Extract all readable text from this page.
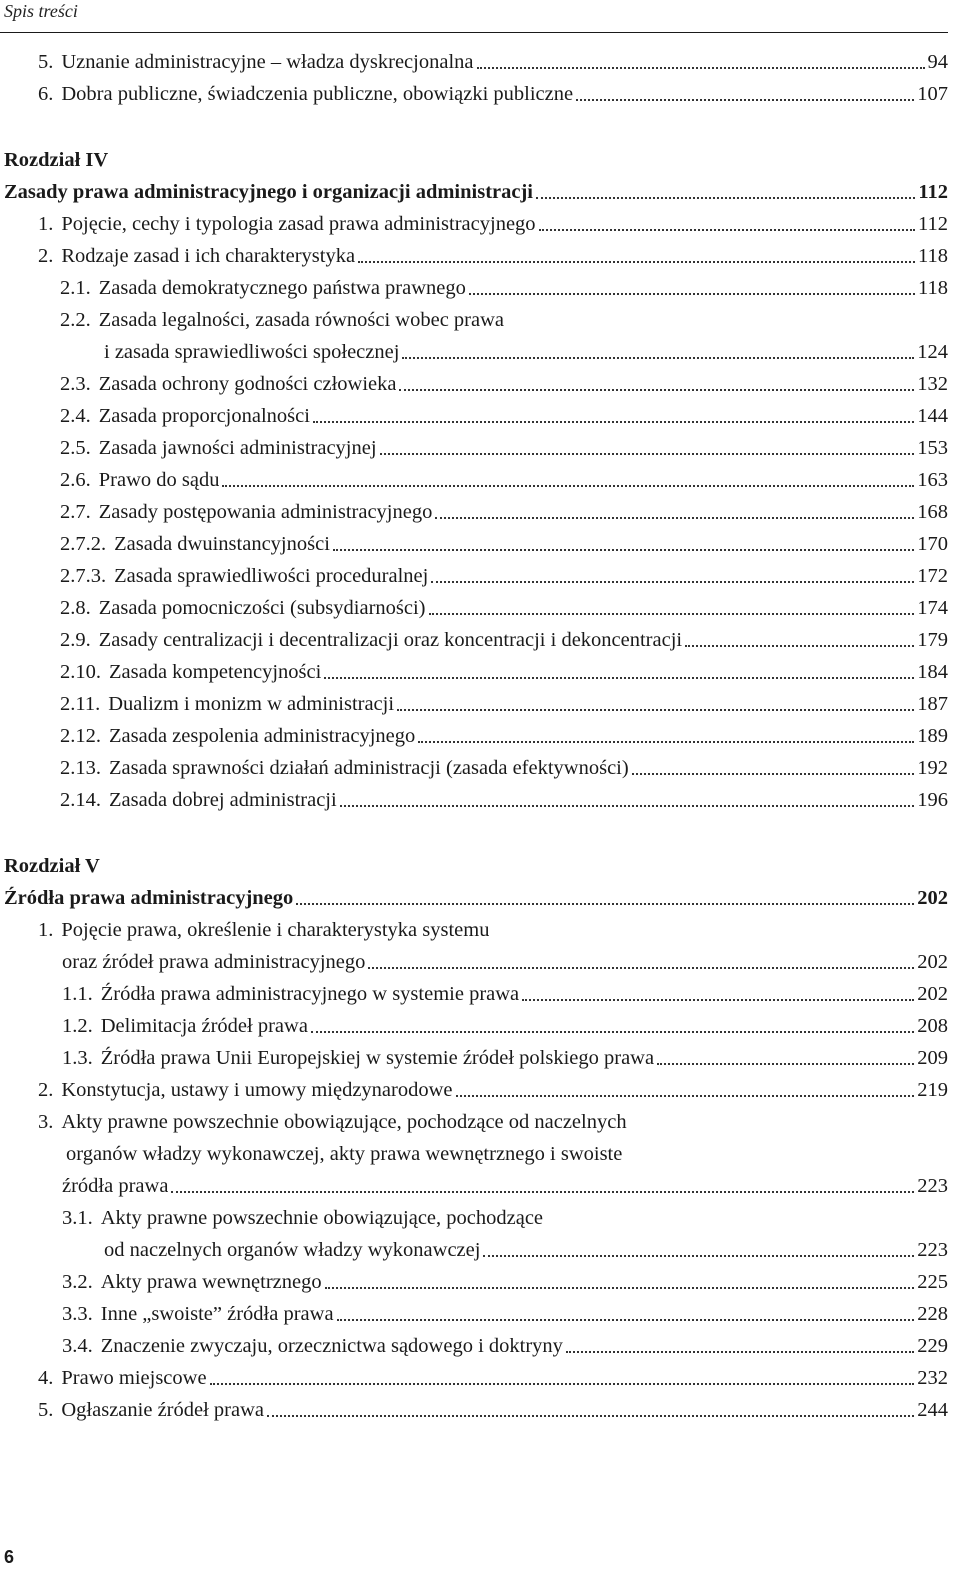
Spis treści
5. Uznanie administracyjne – władza dyskrecjonalna	94
6. Dobra publiczne, świadczenia publiczne, obowiązki publiczne	107
Rozdział IV
Zasady prawa administracyjnego i organizacji administracji	112
1. Pojęcie, cechy i typologia zasad prawa administracyjnego	112
2. Rodzaje zasad i ich charakterystyka	118
2.1. Zasada demokratycznego państwa prawnego	118
2.2. Zasada legalności, zasada równości wobec prawa
i zasada sprawiedliwości społecznej	124
2.3. Zasada ochrony godności człowieka	132
2.4. Zasada proporcjonalności	144
2.5. Zasada jawności administracyjnej	153
2.6. Prawo do sądu	163
2.7. Zasady postępowania administracyjnego	168
2.7.2. Zasada dwuinstancyjności	170
2.7.3. Zasada sprawiedliwości proceduralnej	172
2.8. Zasada pomocniczości (subsydiarności)	174
2.9. Zasady centralizacji i decentralizacji oraz koncentracji i dekoncentracji	179
2.10. Zasada kompetencyjności	184
2.11. Dualizm i monizm w administracji	187
2.12. Zasada zespolenia administracyjnego	189
2.13. Zasada sprawności działań administracji (zasada efektywności)	192
2.14. Zasada dobrej administracji	196
Rozdział V
Źródła prawa administracyjnego	202
1. Pojęcie prawa, określenie i charakterystyka systemu
oraz źródeł prawa administracyjnego	202
1.1. Źródła prawa administracyjnego w systemie prawa	202
1.2. Delimitacja źródeł prawa	208
1.3. Źródła prawa Unii Europejskiej w systemie źródeł polskiego prawa	209
2. Konstytucja, ustawy i umowy międzynarodowe	219
3. Akty prawne powszechnie obowiązujące, pochodzące od naczelnych
organów władzy wykonawczej, akty prawa wewnętrznego i swoiste
źródła prawa	223
3.1. Akty prawne powszechnie obowiązujące, pochodzące
od naczelnych organów władzy wykonawczej	223
3.2. Akty prawa wewnętrznego	225
3.3. Inne „swoiste” źródła prawa	228
3.4. Znaczenie zwyczaju, orzecznictwa sądowego i doktryny	229
4. Prawo miejscowe	232
5. Ogłaszanie źródeł prawa	244
6
